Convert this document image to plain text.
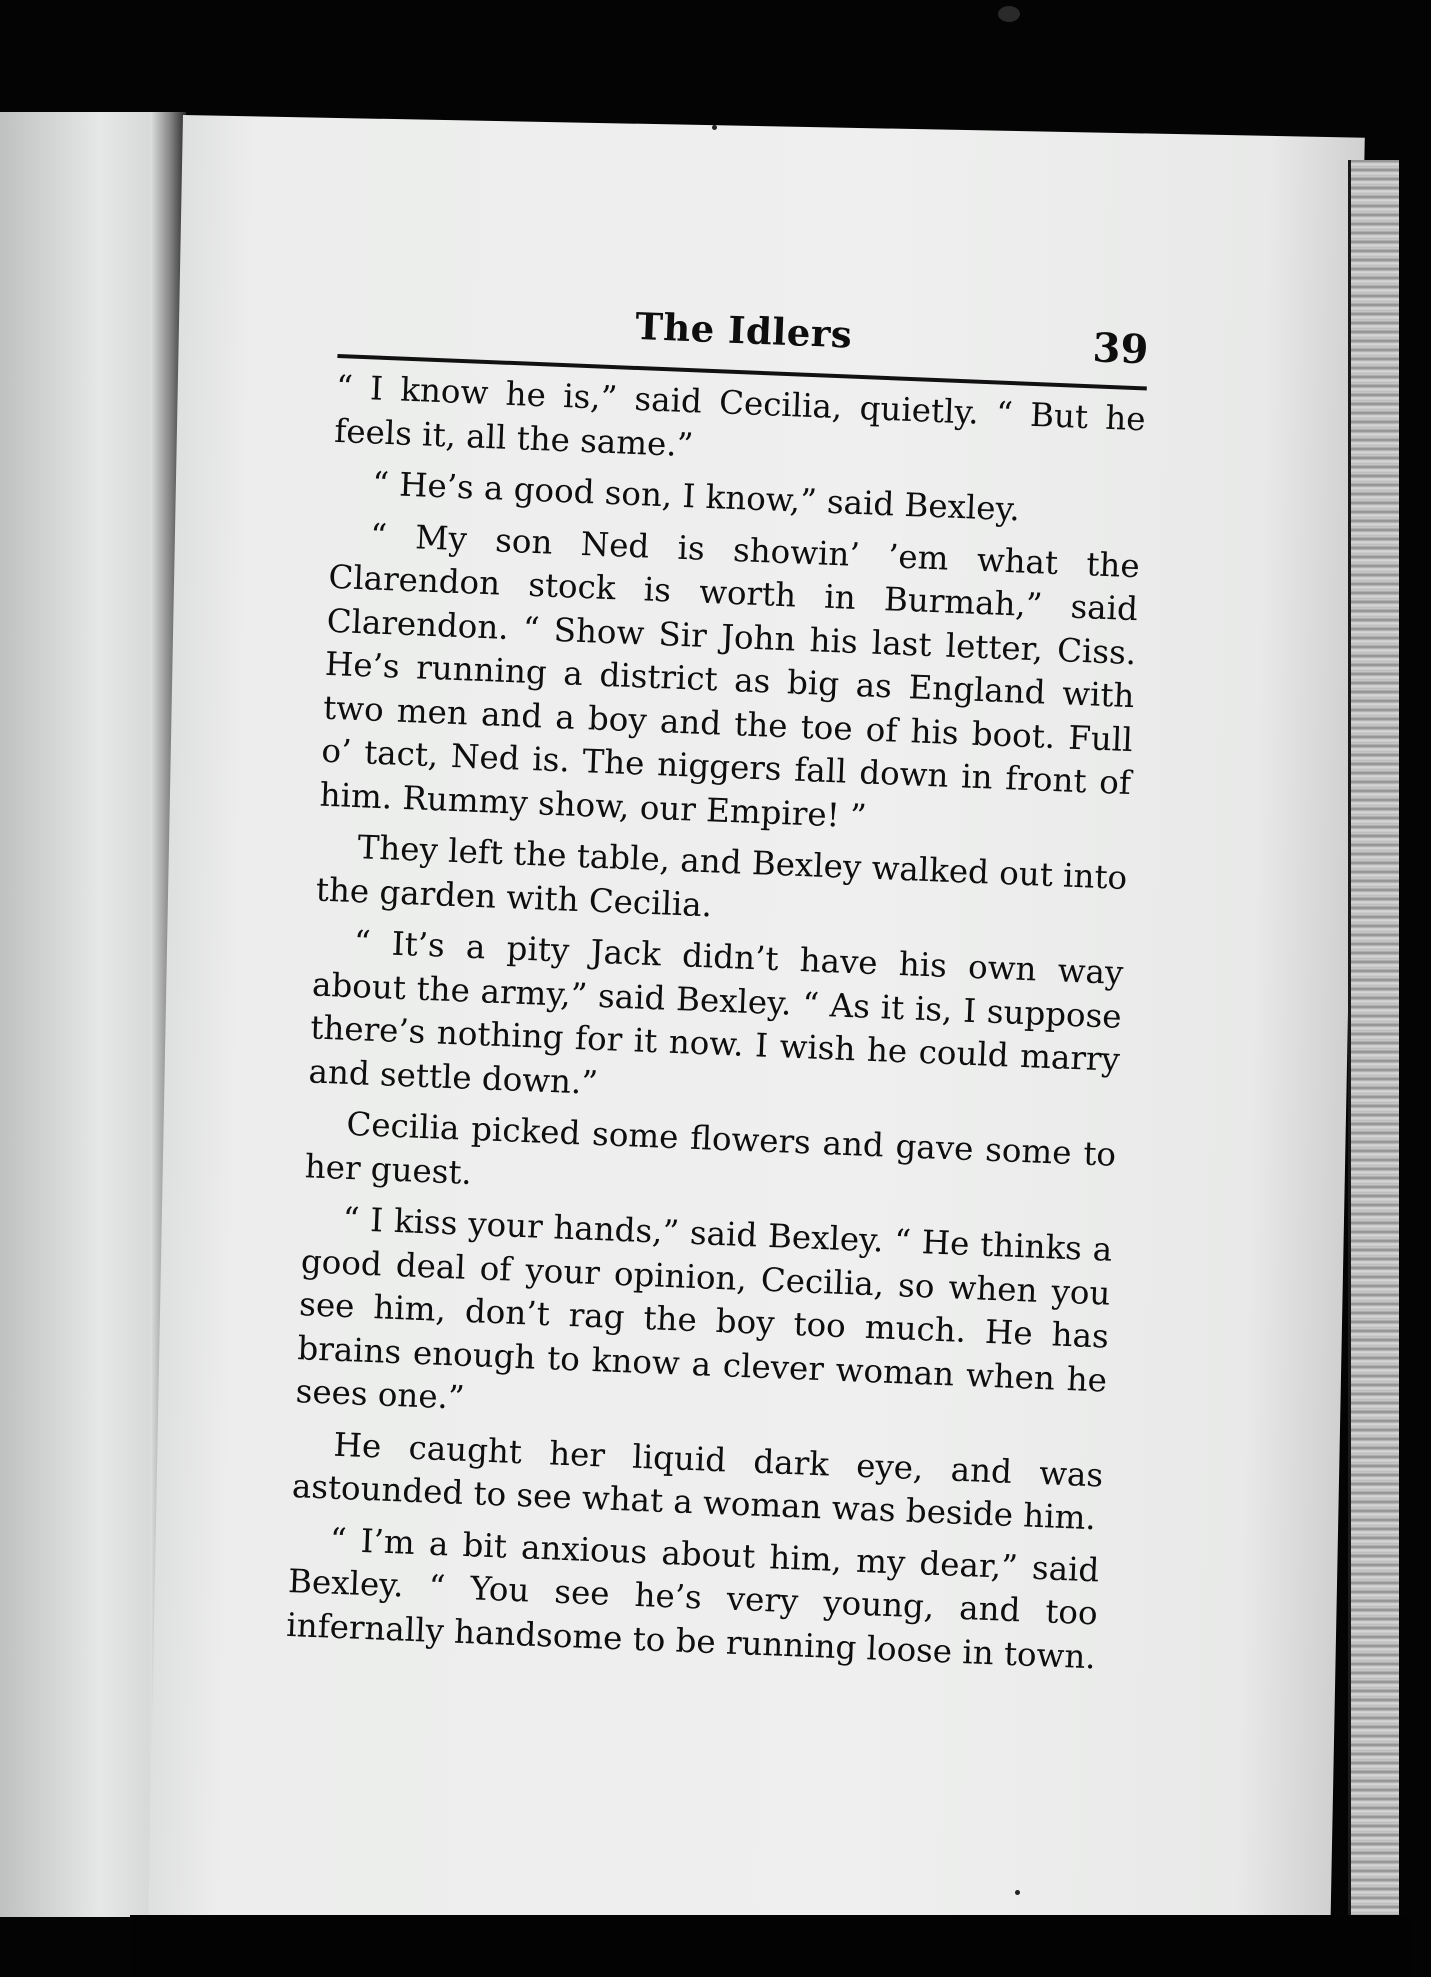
The Idlers	39

“ I know he is,” said Cecilia, quietly. “ But he feels it, all the same.”

“ He’s a good son, I know,” said Bexley.

“ My son Ned is showin’ ’em what the Clarendon stock is worth in Burmah,” said Clarendon. “ Show Sir John his last letter, Ciss. He’s running a district as big as England with two men and a boy and the toe of his boot. Full o’ tact, Ned is. The niggers fall down in front of him. Rummy show, our Empire! ”

They left the table, and Bexley walked out into the garden with Cecilia.

“ It’s a pity Jack didn’t have his own way about the army,” said Bexley. “ As it is, I suppose there’s nothing for it now. I wish he could marry and settle down.”

Cecilia picked some flowers and gave some to her guest.

“ I kiss your hands,” said Bexley. “ He thinks a good deal of your opinion, Cecilia, so when you see him, don’t rag the boy too much. He has brains enough to know a clever woman when he sees one.”

He caught her liquid dark eye, and was astounded to see what a woman was beside him.

“ I’m a bit anxious about him, my dear,” said Bexley. “ You see he’s very young, and too infernally handsome to be running loose in town.
